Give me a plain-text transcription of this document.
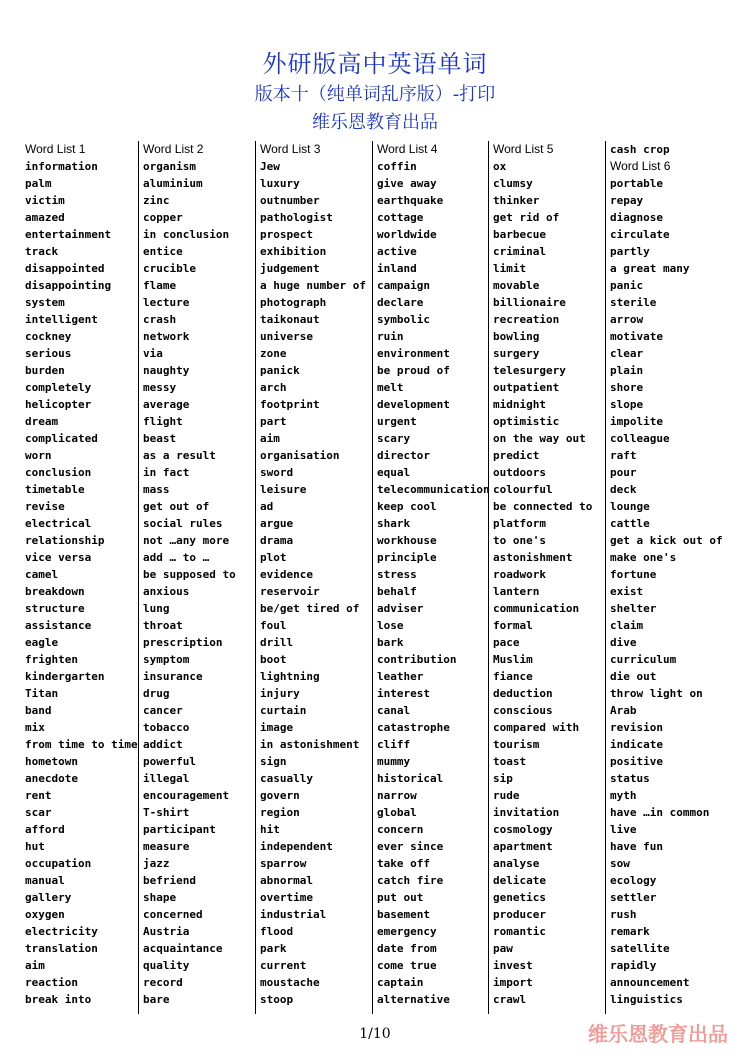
外研版高中英语单词
版本十（纯单词乱序版）-打印
维乐恩教育出品
Word List 1
information
palm
victim
amazed
entertainment
track
disappointed
disappointing
system
intelligent
cockney
serious
burden
completely
helicopter
dream
complicated
worn
conclusion
timetable
revise
electrical
relationship
vice versa
camel
breakdown
structure
assistance
eagle
frighten
kindergarten
Titan
band
mix
from time to time
hometown
anecdote
rent
scar
afford
hut
occupation
manual
gallery
oxygen
electricity
translation
aim
reaction
break into
Word List 2
organism
aluminium
zinc
copper
in conclusion
entice
crucible
flame
lecture
crash
network
via
naughty
messy
average
flight
beast
as a result
in fact
mass
get out of
social rules
not …any more
add … to …
be supposed to
anxious
lung
throat
prescription
symptom
insurance
drug
cancer
tobacco
addict
powerful
illegal
encouragement
T-shirt
participant
measure
jazz
befriend
shape
concerned
Austria
acquaintance
quality
record
bare
Word List 3
Jew
luxury
outnumber
pathologist
prospect
exhibition
judgement
a huge number of
photograph
taikonaut
universe
zone
panick
arch
footprint
part
aim
organisation
sword
leisure
ad
argue
drama
plot
evidence
reservoir
be/get tired of
foul
drill
boot
lightning
injury
curtain
image
in astonishment
sign
casually
govern
region
hit
independent
sparrow
abnormal
overtime
industrial
flood
park
current
moustache
stoop
Word List 4
coffin
give away
earthquake
cottage
worldwide
active
inland
campaign
declare
symbolic
ruin
environment
be proud of
melt
development
urgent
scary
director
equal
telecommunication
keep cool
shark
workhouse
principle
stress
behalf
adviser
lose
bark
contribution
leather
interest
canal
catastrophe
cliff
mummy
historical
narrow
global
concern
ever since
take off
catch fire
put out
basement
emergency
date from
come true
captain
alternative
Word List 5
ox
clumsy
thinker
get rid of
barbecue
criminal
limit
movable
billionaire
recreation
bowling
surgery
telesurgery
outpatient
midnight
optimistic
on the way out
predict
outdoors
colourful
be connected to
platform
to one's
astonishment
roadwork
lantern
communication
formal
pace
Muslim
fiance
deduction
conscious
compared with
tourism
toast
sip
rude
invitation
cosmology
apartment
analyse
delicate
genetics
producer
romantic
paw
invest
import
crawl
cash crop
Word List 6
portable
repay
diagnose
circulate
partly
a great many
panic
sterile
arrow
motivate
clear
plain
shore
slope
impolite
colleague
raft
pour
deck
lounge
cattle
get a kick out of
make one's
fortune
exist
shelter
claim
dive
curriculum
die out
throw light on
Arab
revision
indicate
positive
status
myth
have …in common
live
have fun
sow
ecology
settler
rush
remark
satellite
rapidly
announcement
linguistics
1/10	维乐恩教育出品
